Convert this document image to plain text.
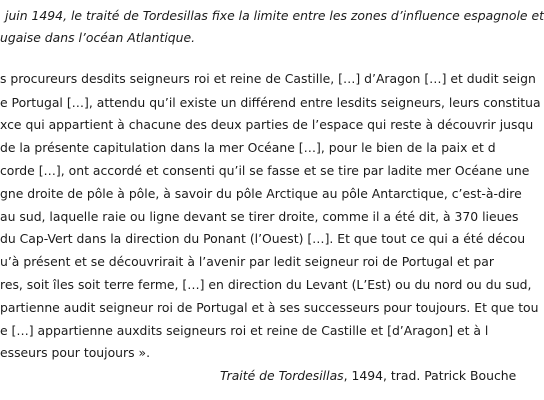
juin 1494, le traité de Tordesillas fixe la limite entre les zones d’influence espagnole et
ugaise dans l’océan Atlantique.
s procureurs desdits seigneurs roi et reine de Castille, […] d’Aragon […] et dudit seign
e Portugal […], attendu qu’il existe un différend entre lesdits seigneurs, leurs constitua
xce qui appartient à chacune des deux parties de l’espace qui reste à découvrir jusqu
de la présente capitulation dans la mer Océane […], pour le bien de la paix et d
corde […], ont accordé et consenti qu’il se fasse et se tire par ladite mer Océane une
gne droite de pôle à pôle, à savoir du pôle Arctique au pôle Antarctique, c’est-à-dire
au sud, laquelle raie ou ligne devant se tirer droite, comme il a été dit, à 370 lieues
du Cap-Vert dans la direction du Ponant (l’Ouest) […]. Et que tout ce qui a été décou
u’à présent et se découvrirait à l’avenir par ledit seigneur roi de Portugal et par
res, soit îles soit terre ferme, […] en direction du Levant (L’Est) ou du nord ou du sud,
partienne audit seigneur roi de Portugal et à ses successeurs pour toujours. Et que tou
e […] appartienne auxdits seigneurs roi et reine de Castille et [d’Aragon] et à l
esseurs pour toujours ».
Traité de Tordesillas, 1494, trad. Patrick Bouche
